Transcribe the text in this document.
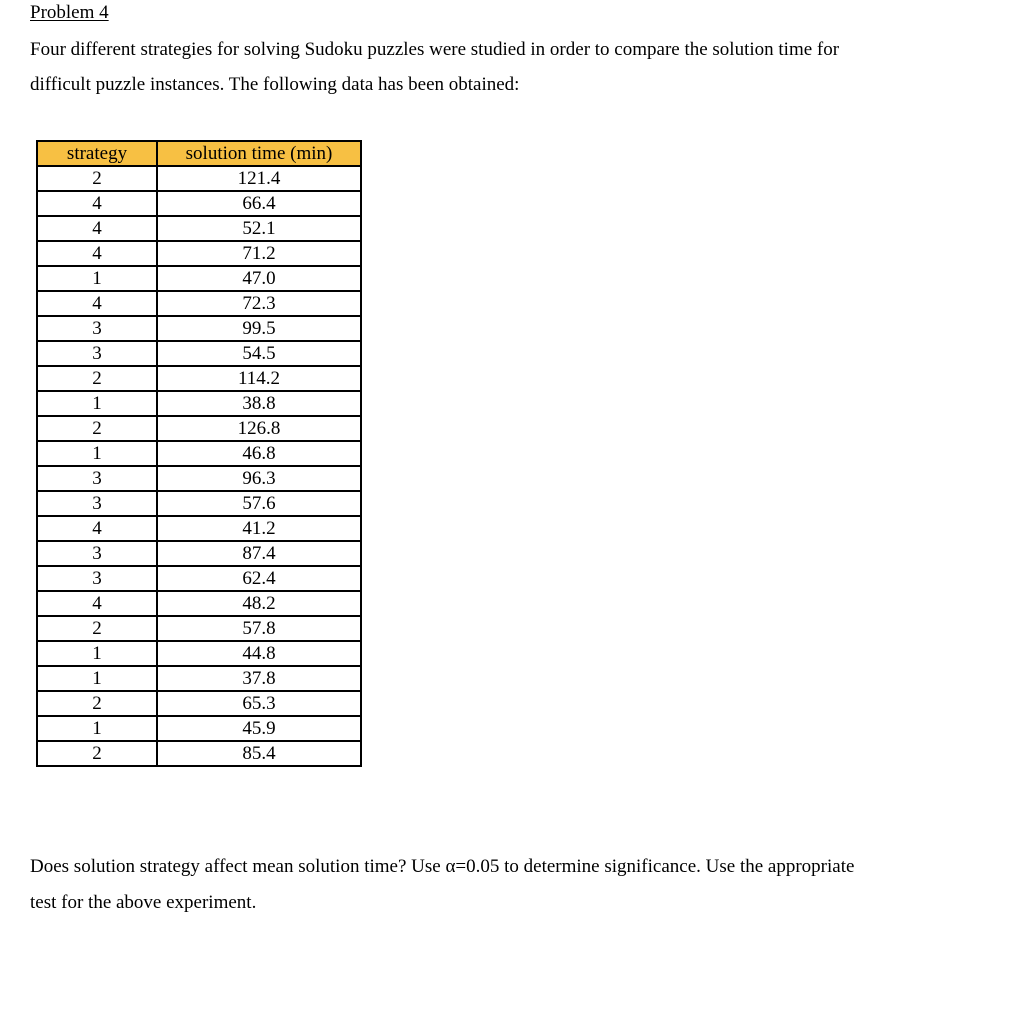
Problem 4

Four different strategies for solving Sudoku puzzles were studied in order to compare the solution time for

difficult puzzle instances. The following data has been obtained:

strategy	solution time (min)
2	121.4
4	66.4
4	52.1
4	71.2
1	47.0
4	72.3
3	99.5
3	54.5
2	114.2
1	38.8
2	126.8
1	46.8
3	96.3
3	57.6
4	41.2
3	87.4
3	62.4
4	48.2
2	57.8
1	44.8
1	37.8
2	65.3
1	45.9
2	85.4

Does solution strategy affect mean solution time? Use α=0.05 to determine significance. Use the appropriate

test for the above experiment.
